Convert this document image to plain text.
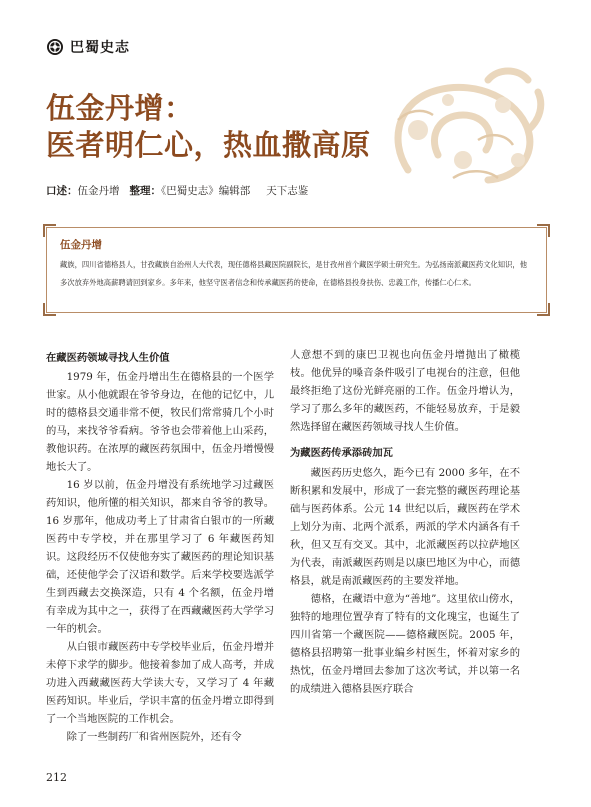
巴蜀史志
伍金丹增：
医者明仁心，热血撒高原
口述：伍金丹增 整理：《巴蜀史志》编辑部 天下志鉴
伍金丹增
藏族，四川省德格县人，甘孜藏族自治州人大代表，现任德格县藏医院副院长，是甘孜州首个藏医学硕士研究生。为弘扬南派藏医药文化知识，他多次放弃外地高薪聘请回到家乡。多年来，他坚守医者信念和传承藏医药的使命，在德格县投身扶伤、忠義工作，传播仁心仁术。
在藏医药领域寻找人生价值

1979 年，伍金丹增出生在德格县的一个医学世家。从小他就跟在爷爷身边，在他的记忆中，儿时的德格县交通非常不便，牧民们常常骑几个小时的马，来找爷爷看病。爷爷也会带着他上山采药，教他识药。在浓厚的藏医药氛围中，伍金丹增慢慢地长大了。

16 岁以前，伍金丹增没有系统地学习过藏医药知识，他所懂的相关知识，都来自爷爷的教导。16 岁那年，他成功考上了甘肃省白银市的一所藏医药中专学校，并在那里学习了 6 年藏医药知识。这段经历不仅使他夯实了藏医药的理论知识基础，还使他学会了汉语和数学。后来学校要选派学生到西藏去交换深造，只有 4 个名额，伍金丹增有幸成为其中之一，获得了在西藏藏医药大学学习一年的机会。

从白银市藏医药中专学校毕业后，伍金丹增并未停下求学的脚步。他接着参加了成人高考，并成功进入西藏藏医药大学读大专，又学习了 4 年藏医药知识。毕业后，学识丰富的伍金丹增立即得到了一个当地医院的工作机会。

除了一些制药厂和省州医院外，还有令

人意想不到的康巴卫视也向伍金丹增抛出了橄榄枝。他优异的嗓音条件吸引了电视台的注意，但他最终拒绝了这份光鲜亮丽的工作。伍金丹增认为，学习了那么多年的藏医药，不能轻易放弃，于是毅然选择留在藏医药领域寻找人生价值。

为藏医药传承添砖加瓦

藏医药历史悠久，距今已有 2000 多年，在不断积累和发展中，形成了一套完整的藏医药理论基础与医药体系。公元 14 世纪以后，藏医药在学术上划分为南、北两个派系，两派的学术内涵各有千秋，但又互有交叉。其中，北派藏医药以拉萨地区为代表，南派藏医药则是以康巴地区为中心，而德格县，就是南派藏医药的主要发祥地。

德格，在藏语中意为“善地”。这里依山傍水，独特的地理位置孕育了特有的文化瑰宝，也诞生了四川省第一个藏医院——德格藏医院。2005 年，德格县招聘第一批事业编乡村医生，怀着对家乡的热忱，伍金丹增回去参加了这次考试，并以第一名的成绩进入德格县医疗联合

212
